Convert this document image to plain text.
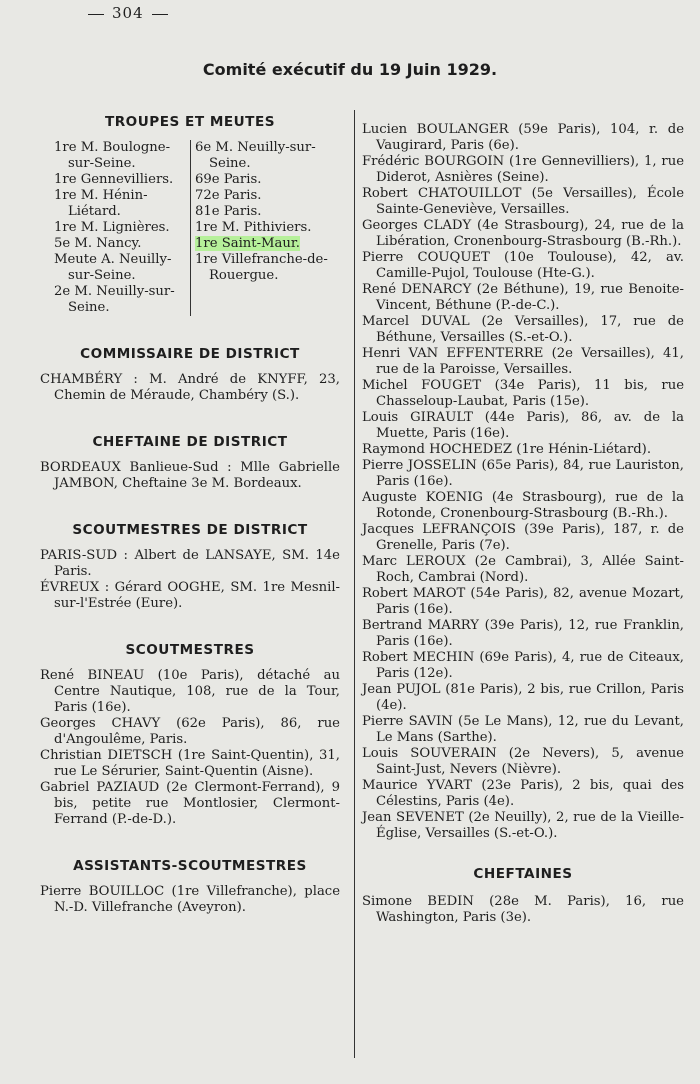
304
Comité exécutif du 19 Juin 1929.
TROUPES ET MEUTES
1re M. Boulogne-sur-Seine.
1re Gennevilliers.
1re M. Hénin-Liétard.
1re M. Lignières.
5e M. Nancy.
Meute A. Neuilly-sur-Seine.
2e M. Neuilly-sur-Seine.
6e M. Neuilly-sur-Seine.
69e Paris.
72e Paris.
81e Paris.
1re M. Pithiviers.
1re Saint-Maur.
1re Villefranche-de-Rouergue.
COMMISSAIRE DE DISTRICT
CHAMBÉRY : M. André de KNYFF, 23, Chemin de Méraude, Chambéry (S.).
CHEFTAINE DE DISTRICT
BORDEAUX Banlieue-Sud : Mlle Gabrielle JAMBON, Cheftaine 3e M. Bordeaux.
SCOUTMESTRES DE DISTRICT
PARIS-SUD : Albert de LANSAYE, SM. 14e Paris.
ÉVREUX : Gérard OOGHE, SM. 1re Mesnil-sur-l'Estrée (Eure).
SCOUTMESTRES
René BINEAU (10e Paris), détaché au Centre Nautique, 108, rue de la Tour, Paris (16e).
Georges CHAVY (62e Paris), 86, rue d'Angoulême, Paris.
Christian DIETSCH (1re Saint-Quentin), 31, rue Le Sérurier, Saint-Quentin (Aisne).
Gabriel PAZIAUD (2e Clermont-Ferrand), 9 bis, petite rue Montlosier, Clermont-Ferrand (P.-de-D.).
ASSISTANTS-SCOUTMESTRES
Pierre BOUILLOC (1re Villefranche), place N.-D. Villefranche (Aveyron).
Lucien BOULANGER (59e Paris), 104, r. de Vaugirard, Paris (6e).
Frédéric BOURGOIN (1re Gennevilliers), 1, rue Diderot, Asnières (Seine).
Robert CHATOUILLOT (5e Versailles), École Sainte-Geneviève, Versailles.
Georges CLADY (4e Strasbourg), 24, rue de la Libération, Cronenbourg-Strasbourg (B.-Rh.).
Pierre COUQUET (10e Toulouse), 42, av. Camille-Pujol, Toulouse (Hte-G.).
René DENARCY (2e Béthune), 19, rue Benoite-Vincent, Béthune (P.-de-C.).
Marcel DUVAL (2e Versailles), 17, rue de Béthune, Versailles (S.-et-O.).
Henri VAN EFFENTERRE (2e Versailles), 41, rue de la Paroisse, Versailles.
Michel FOUGET (34e Paris), 11 bis, rue Chasseloup-Laubat, Paris (15e).
Louis GIRAULT (44e Paris), 86, av. de la Muette, Paris (16e).
Raymond HOCHEDEZ (1re Hénin-Liétard).
Pierre JOSSELIN (65e Paris), 84, rue Lauriston, Paris (16e).
Auguste KOENIG (4e Strasbourg), rue de la Rotonde, Cronenbourg-Strasbourg (B.-Rh.).
Jacques LEFRANÇOIS (39e Paris), 187, r. de Grenelle, Paris (7e).
Marc LEROUX (2e Cambrai), 3, Allée Saint-Roch, Cambrai (Nord).
Robert MAROT (54e Paris), 82, avenue Mozart, Paris (16e).
Bertrand MARRY (39e Paris), 12, rue Franklin, Paris (16e).
Robert MECHIN (69e Paris), 4, rue de Citeaux, Paris (12e).
Jean PUJOL (81e Paris), 2 bis, rue Crillon, Paris (4e).
Pierre SAVIN (5e Le Mans), 12, rue du Levant, Le Mans (Sarthe).
Louis SOUVERAIN (2e Nevers), 5, avenue Saint-Just, Nevers (Nièvre).
Maurice YVART (23e Paris), 2 bis, quai des Célestins, Paris (4e).
Jean SEVENET (2e Neuilly), 2, rue de la Vieille-Église, Versailles (S.-et-O.).
CHEFTAINES
Simone BEDIN (28e M. Paris), 16, rue Washington, Paris (3e).
